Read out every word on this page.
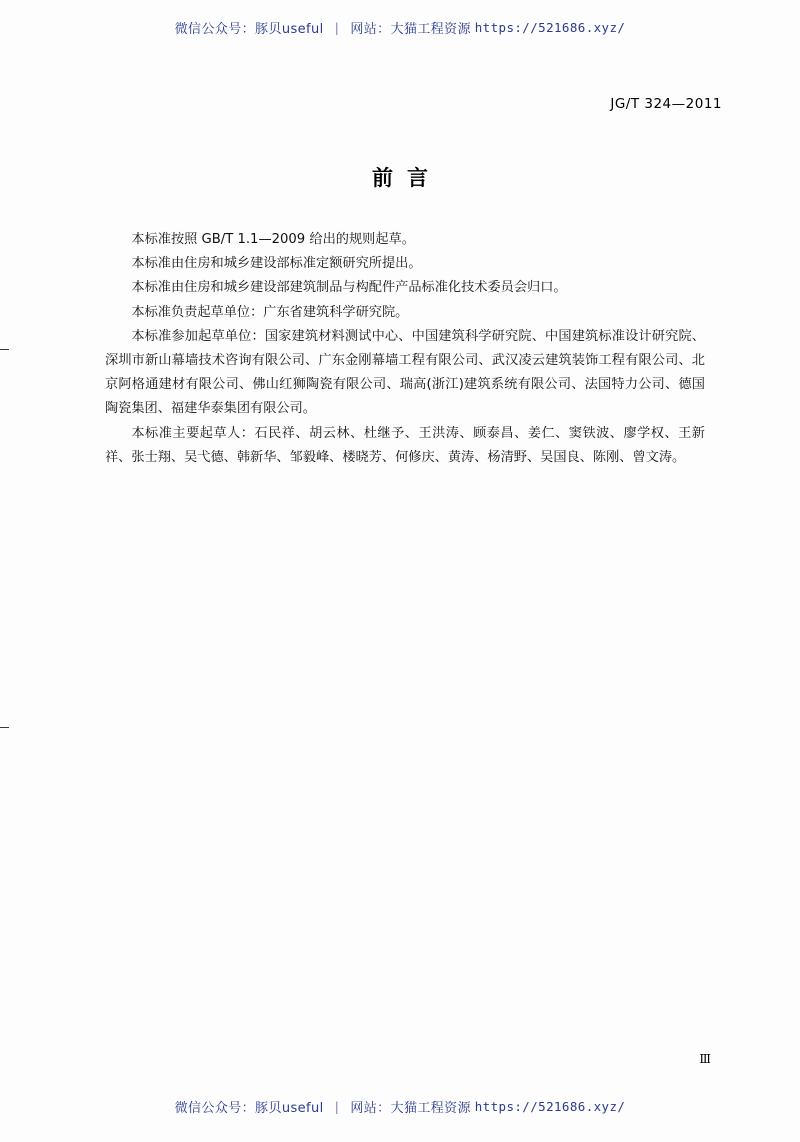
微信公众号：豚贝useful | 网站：大猫工程资源 https://521686.xyz/
JG/T 324—2011
前言

本标准按照 GB/T 1.1—2009 给出的规则起草。

本标准由住房和城乡建设部标准定额研究所提出。

本标准由住房和城乡建设部建筑制品与构配件产品标准化技术委员会归口。

本标准负责起草单位：广东省建筑科学研究院。

本标准参加起草单位：国家建筑材料测试中心、中国建筑科学研究院、中国建筑标准设计研究院、深圳市新山幕墙技术咨询有限公司、广东金刚幕墙工程有限公司、武汉凌云建筑装饰工程有限公司、北京阿格通建材有限公司、佛山红狮陶瓷有限公司、瑞高(浙江)建筑系统有限公司、法国特力公司、德国陶瓷集团、福建华泰集团有限公司。

本标准主要起草人：石民祥、胡云林、杜继予、王洪涛、顾泰昌、姜仁、窦铁波、廖学权、王新祥、张士翔、吴弋德、韩新华、邹毅峰、楼晓芳、何修庆、黄涛、杨清野、吴国良、陈刚、曾文涛。

Ⅲ
微信公众号：豚贝useful | 网站：大猫工程资源 https://521686.xyz/
